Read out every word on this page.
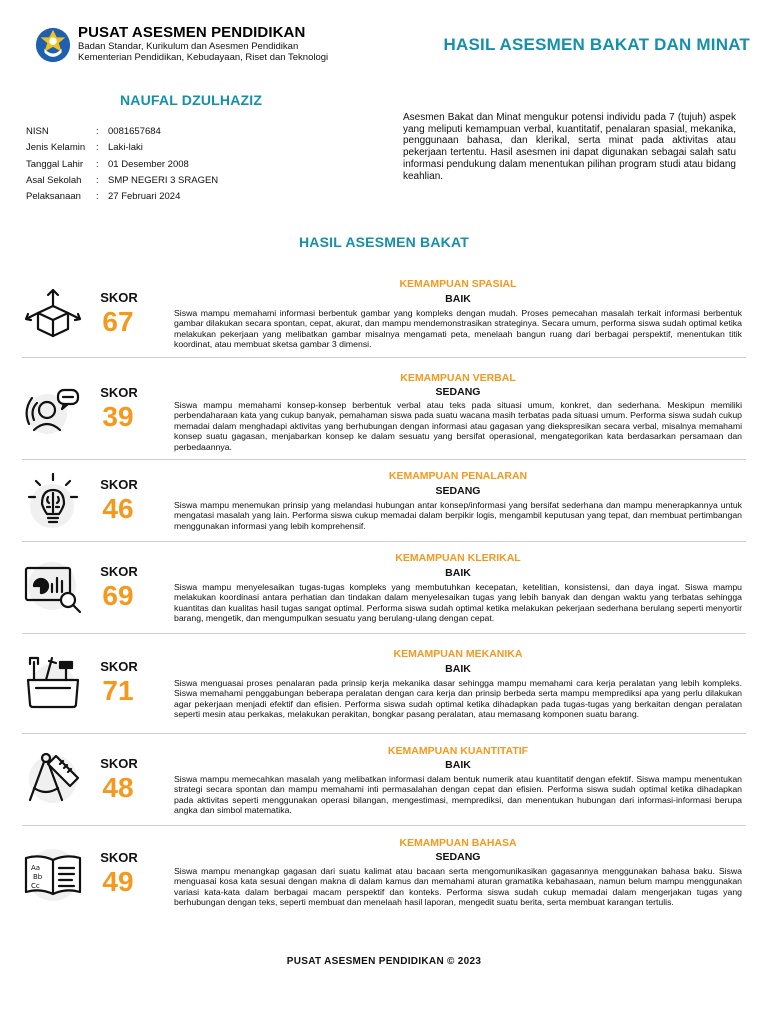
PUSAT ASESMEN PENDIDIKAN
Badan Standar, Kurikulum dan Asesmen Pendidikan
Kementerian Pendidikan, Kebudayaan, Riset dan Teknologi
HASIL ASESMEN BAKAT DAN MINAT
NAUFAL DZULHAZIZ
NISN	: 0081657684
Jenis Kelamin	: Laki-laki
Tanggal Lahir	: 01 Desember 2008
Asal Sekolah	: SMP NEGERI 3 SRAGEN
Pelaksanaan	: 27 Februari 2024
Asesmen Bakat dan Minat mengukur potensi individu pada 7 (tujuh) aspek yang meliputi kemampuan verbal, kuantitatif, penalaran spasial, mekanika, penggunaan bahasa, dan klerikal, serta minat pada aktivitas atau pekerjaan tertentu. Hasil asesmen ini dapat digunakan sebagai salah satu informasi pendukung dalam menentukan pilihan program studi atau bidang keahlian.
HASIL ASESMEN BAKAT
SKOR
67
KEMAMPUAN SPASIAL
BAIK
Siswa mampu memahami informasi berbentuk gambar yang kompleks dengan mudah. Proses pemecahan masalah terkait informasi berbentuk gambar dilakukan secara spontan, cepat, akurat, dan mampu mendemonstrasikan strateginya. Secara umum, performa siswa sudah optimal ketika melakukan pekerjaan yang melibatkan gambar misalnya mengamati peta, menelaah bangun ruang dari berbagai perspektif, menentukan titik koordinat, atau membuat sketsa gambar 3 dimensi.
SKOR
39
KEMAMPUAN VERBAL
SEDANG
Siswa mampu memahami konsep-konsep berbentuk verbal atau teks pada situasi umum, konkret, dan sederhana. Meskipun memiliki perbendaharaan kata yang cukup banyak, pemahaman siswa pada suatu wacana masih terbatas pada situasi umum. Performa siswa sudah cukup memadai dalam menghadapi aktivitas yang berhubungan dengan informasi atau gagasan yang diekspresikan secara verbal, misalnya memahami konsep suatu gagasan, menjabarkan konsep ke dalam sesuatu yang bersifat operasional, mengategorikan kata berdasarkan persamaan dan perbedaannya.
SKOR
46
KEMAMPUAN PENALARAN
SEDANG
Siswa mampu menemukan prinsip yang melandasi hubungan antar konsep/informasi yang bersifat sederhana dan mampu menerapkannya untuk mengatasi masalah yang lain. Performa siswa cukup memadai dalam berpikir logis, mengambil keputusan yang tepat, dan membuat pertimbangan menggunakan informasi yang lebih komprehensif.
SKOR
69
KEMAMPUAN KLERIKAL
BAIK
Siswa mampu menyelesaikan tugas-tugas kompleks yang membutuhkan kecepatan, ketelitian, konsistensi, dan daya ingat. Siswa mampu melakukan koordinasi antara perhatian dan tindakan dalam menyelesaikan tugas yang lebih banyak dan dengan waktu yang terbatas sehingga kuantitas dan kualitas hasil tugas sangat optimal. Performa siswa sudah optimal ketika melakukan pekerjaan sederhana berulang seperti menyortir barang, mengetik, dan mengumpulkan sesuatu yang berulang-ulang dengan cepat.
SKOR
71
KEMAMPUAN MEKANIKA
BAIK
Siswa menguasai proses penalaran pada prinsip kerja mekanika dasar sehingga mampu memahami cara kerja peralatan yang lebih kompleks. Siswa memahami penggabungan beberapa peralatan dengan cara kerja dan prinsip berbeda serta mampu memprediksi apa yang perlu dilakukan agar pekerjaan menjadi efektif dan efisien. Performa siswa sudah optimal ketika dihadapkan pada tugas-tugas yang berkaitan dengan peralatan seperti mesin atau perkakas, melakukan perakitan, bongkar pasang peralatan, atau memasang komponen suatu barang.
SKOR
48
KEMAMPUAN KUANTITATIF
BAIK
Siswa mampu memecahkan masalah yang melibatkan informasi dalam bentuk numerik atau kuantitatif dengan efektif. Siswa mampu menentukan strategi secara spontan dan mampu memahami inti permasalahan dengan cepat dan efisien. Performa siswa sudah optimal ketika dihadapkan pada aktivitas seperti menggunakan operasi bilangan, mengestimasi, memprediksi, dan menentukan hubungan dari informasi-informasi berupa angka dan simbol matematika.
Aa
Bb
Cc
SKOR
49
KEMAMPUAN BAHASA
SEDANG
Siswa mampu menangkap gagasan dari suatu kalimat atau bacaan serta mengomunikasikan gagasannya menggunakan bahasa baku. Siswa menguasai kosa kata sesuai dengan makna di dalam kamus dan memahami aturan gramatika kebahasaan, namun belum mampu menggunakan variasi kata-kata dalam berbagai macam perspektif dan konteks. Performa siswa sudah cukup memadai dalam mengerjakan tugas yang berhubungan dengan teks, seperti membuat dan menelaah hasil laporan, mengedit suatu berita, serta membuat karangan tertulis.
PUSAT ASESMEN PENDIDIKAN © 2023
